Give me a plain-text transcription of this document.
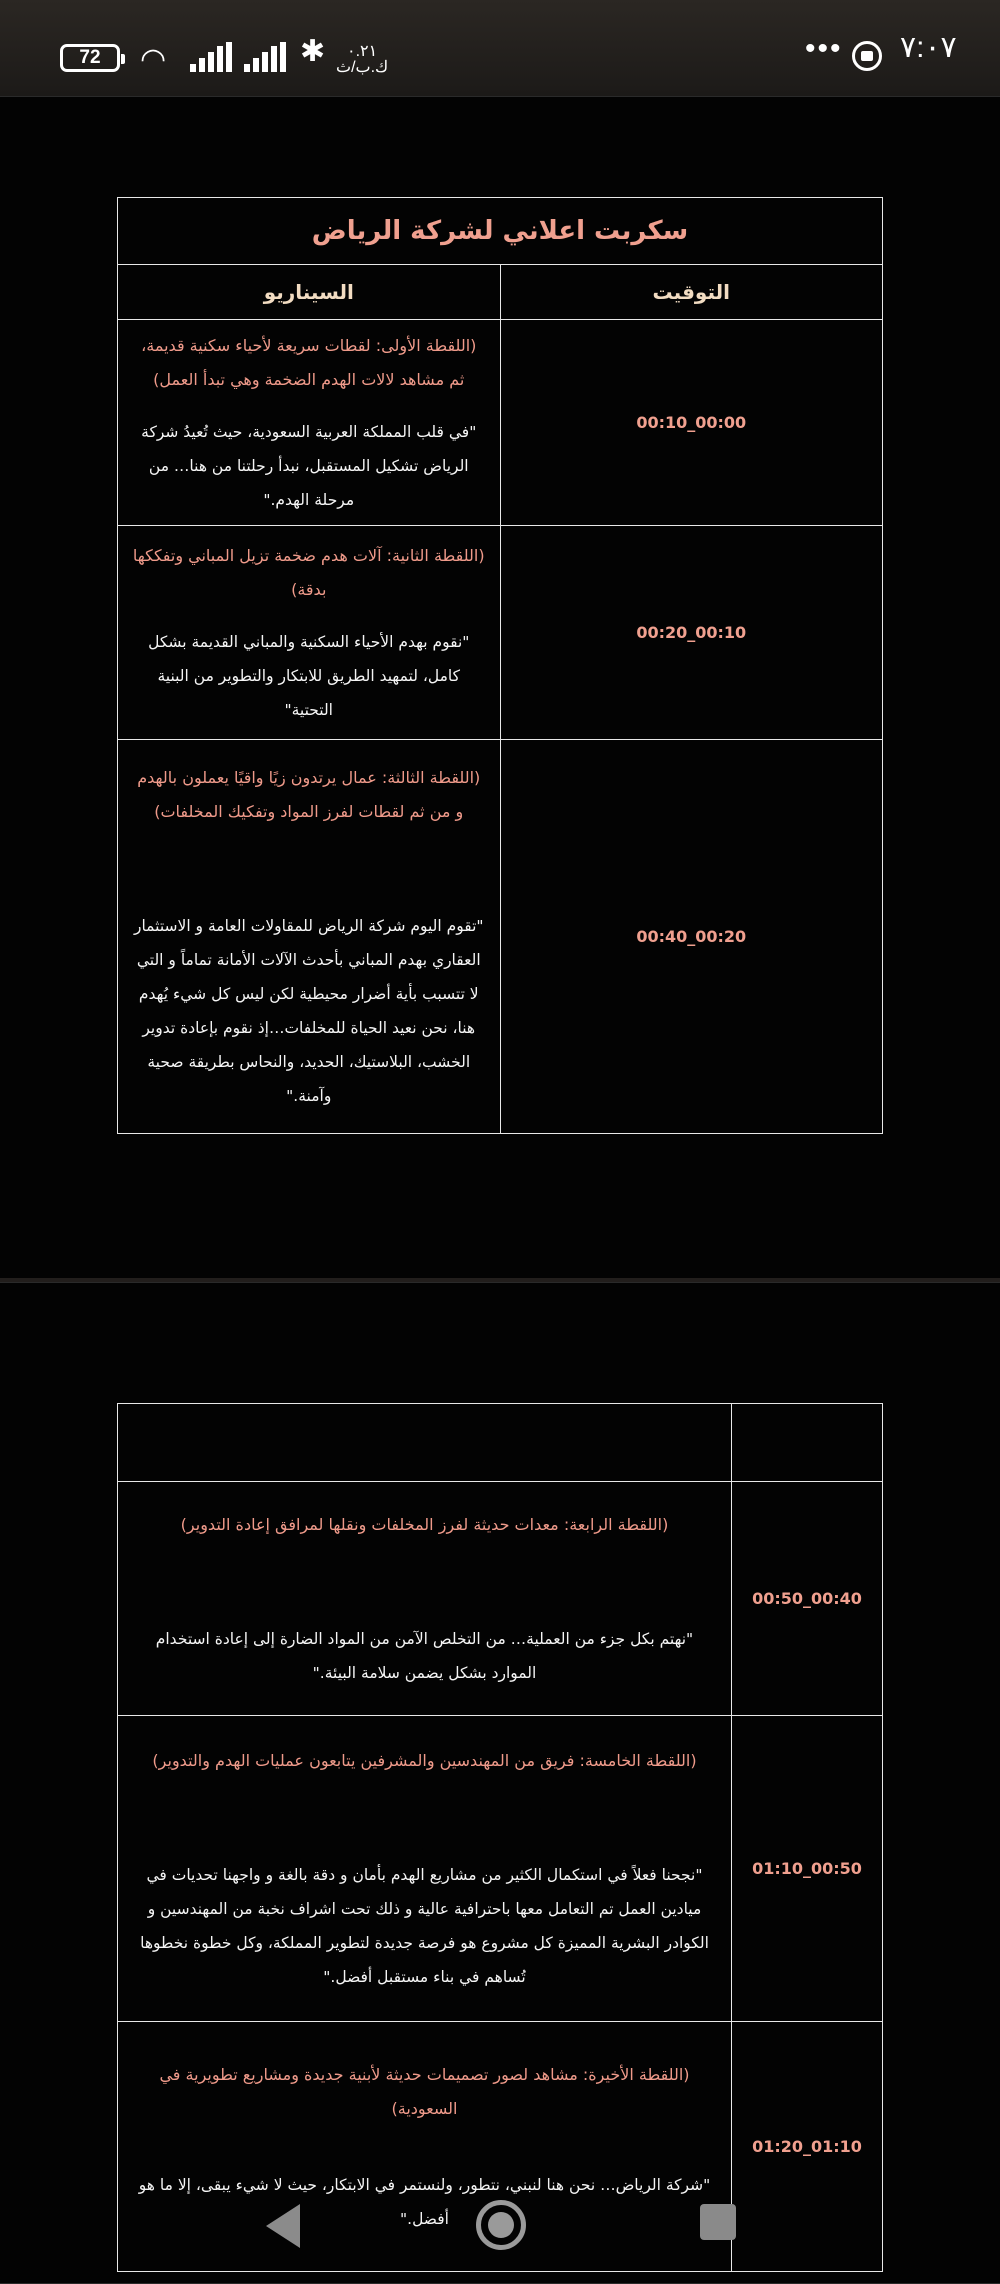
٧:٠٧
•••
٠.٢١
ك.ب/ث
✱
◠
72
سكربت اعلاني لشركة الرياض	
التوقيت	السيناريو
00:10_00:00	(اللقطة الأولى: لقطات سريعة لأحياء سكنية قديمة، ثم مشاهد لالات الهدم الضخمة وهي تبدأ العمل)
"في قلب المملكة العربية السعودية، حيث تُعيدُ شركة الرياض تشكيل المستقبل، نبدأ رحلتنا من هنا… من مرحلة الهدم."

00:20_00:10	(اللقطة الثانية: آلات هدم ضخمة تزيل المباني وتفككها بدقة)
"نقوم بهدم الأحياء السكنية والمباني القديمة بشكل كامل، لتمهيد الطريق للابتكار والتطوير من البنية التحتية"

00:40_00:20	(اللقطة الثالثة: عمال يرتدون زيًا واقيًا يعملون بالهدم و من ثم لقطات لفرز المواد وتفكيك المخلفات)
"تقوم اليوم شركة الرياض للمقاولات العامة و الاستثمار العقاري بهدم المباني بأحدث الآلات الأمانة تماماً و التي لا تتسبب بأية أضرار محيطية لكن ليس كل شيء يُهدم هنا، نحن نعيد الحياة للمخلفات…إذ نقوم بإعادة تدوير الخشب، البلاستيك، الحديد، والنحاس بطريقة صحية وآمنة."

00:50_00:40	(اللقطة الرابعة: معدات حديثة لفرز المخلفات ونقلها لمرافق إعادة التدوير)
"نهتم بكل جزء من العملية… من التخلص الآمن من المواد الضارة إلى إعادة استخدام الموارد بشكل يضمن سلامة البيئة."

01:10_00:50	(اللقطة الخامسة: فريق من المهندسين والمشرفين يتابعون عمليات الهدم والتدوير)
"نجحنا فعلاً في استكمال الكثير من مشاريع الهدم بأمان و دقة بالغة و واجهنا تحديات في ميادين العمل تم التعامل معها باحترافية عالية و ذلك تحت اشراف نخبة من المهندسين و الكوادر البشرية المميزة كل مشروع هو فرصة جديدة لتطوير المملكة، وكل خطوة نخطوها تُساهم في بناء مستقبل أفضل."

01:20_01:10	(اللقطة الأخيرة: مشاهد لصور تصميمات حديثة لأبنية جديدة ومشاريع تطويرية في السعودية)
"شركة الرياض… نحن هنا لنبني، نتطور، ولنستمر في الابتكار، حيث لا شيء يبقى، إلا ما هو أفضل."
